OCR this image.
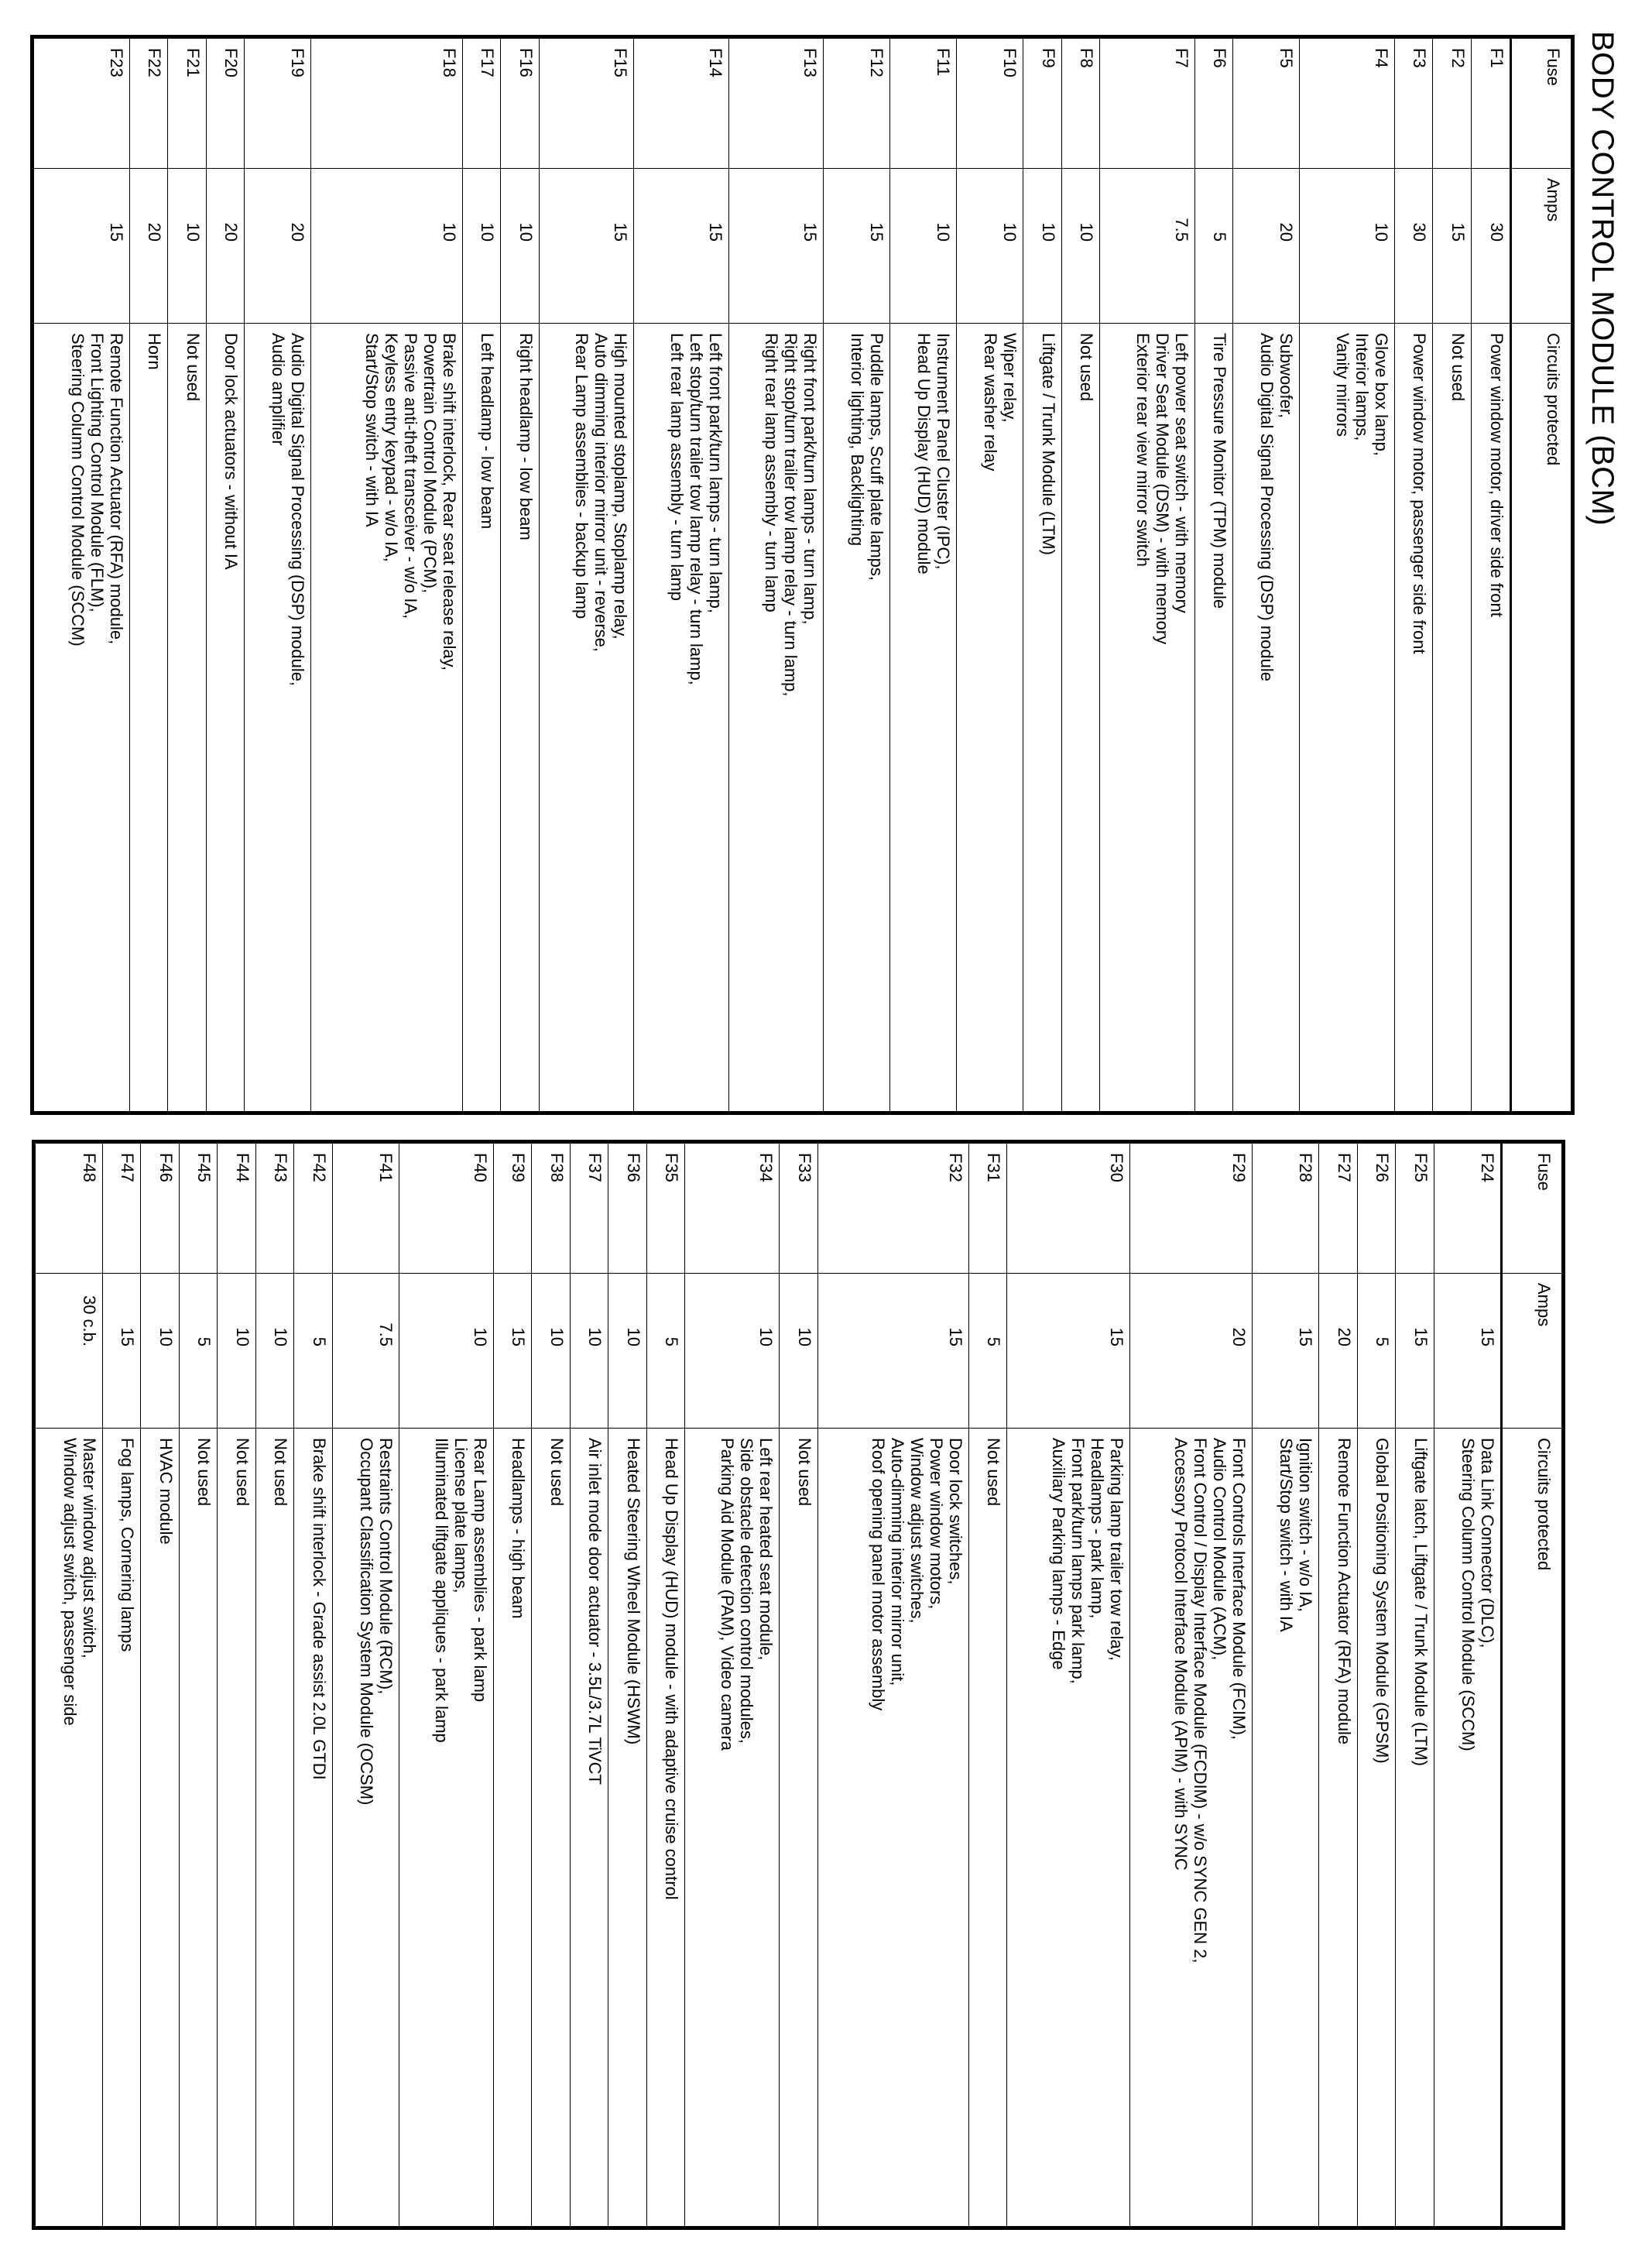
BODY CONTROL MODULE (BCM)
Fuse	Amps	Circuits protected
F1	30	Power window motor, driver side front
F2	15	Not used
F3	30	Power window motor, passenger side front
F4	10	Glove box lamp,
Interior lamps,
Vanity mirrors
F5	20	Subwoofer,
Audio Digital Signal Processing (DSP) module
F6	5	Tire Pressure Monitor (TPM) module
F7	7.5	Left power seat switch - with memory
Driver Seat Module (DSM) - with memory
Exterior rear view mirror switch
F8	10	Not used
F9	10	Liftgate / Trunk Module (LTM)
F10	10	Wiper relay,
Rear washer relay
F11	10	Instrument Panel Cluster (IPC),
Head Up Display (HUD) module
F12	15	Puddle lamps, Scuff plate lamps,
Interior lighting, Backlighting
F13	15	Right front park/turn lamps - turn lamp,
Right stop/turn trailer tow lamp relay - turn lamp,
Right rear lamp assembly - turn lamp
F14	15	Left front park/turn lamps - turn lamp,
Left stop/turn trailer tow lamp relay - turn lamp,
Left rear lamp assembly - turn lamp
F15	15	High mounted stoplamp, Stoplamp relay,
Auto dimming interior mirror unit - reverse,
Rear Lamp assemblies - backup lamp
F16	10	Right headlamp - low beam
F17	10	Left headlamp - low beam
F18	10	Brake shift interlock, Rear seat release relay,
Powertrain Control Module (PCM),
Passive anti-theft transceiver - w/o IA,
Keyless entry keypad - w/o IA,
Start/Stop switch - with IA
F19	20	Audio Digital Signal Processing (DSP) module,
Audio amplifier
F20	20	Door lock actuators - without IA
F21	10	Not used
F22	20	Horn
F23	15	Remote Function Actuator (RFA) module,
Front Lighting Control Module (FLM),
Steering Column Control Module (SCCM)
Fuse	Amps	Circuits protected
F24	15	Data Link Connector (DLC),
Steering Column Control Module (SCCM)
F25	15	Liftgate latch, Liftgate / Trunk Module (LTM)
F26	5	Global Positioning System Module (GPSM)
F27	20	Remote Function Actuator (RFA) module
F28	15	Ignition switch - w/o IA,
Start/Stop switch - with IA
F29	20	Front Controls Interface Module (FCIM),
Audio Control Module (ACM),
Front Control / Display Interface Module (FCDIM) - w/o SYNC GEN 2,
Accessory Protocol Interface Module (APIM) - with SYNC
F30	15	Parking lamp trailer tow relay,
Headlamps - park lamp,
Front park/turn lamps park lamp,
Auxiliary Parking lamps - Edge
F31	5	Not used
F32	15	Door lock switches,
Power window motors,
Window adjust switches,
Auto-dimming interior mirror unit,
Roof opening panel motor assembly
F33	10	Not used
F34	10	Left rear heated seat module,
Side obstacle detection control modules,
Parking Aid Module (PAM), Video camera
F35	5	Head Up Display (HUD) module - with adaptive cruise control
F36	10	Heated Steering Wheel Module (HSWM)
F37	10	Air inlet mode door actuator - 3.5L/3.7L TiVCT
F38	10	Not used
F39	15	Headlamps - high beam
F40	10	Rear Lamp assemblies - park lamp
License plate lamps,
Illuminated liftgate appliques - park lamp
F41	7.5	Restraints Control Module (RCM),
Occupant Classification System Module (OCSM)
F42	5	Brake shift interlock - Grade assist 2.0L GTDI
F43	10	Not used
F44	10	Not used
F45	5	Not used
F46	10	HVAC module
F47	15	Fog lamps, Cornering lamps
F48	30 c.b.	Master window adjust switch,
Window adjust switch, passenger side
